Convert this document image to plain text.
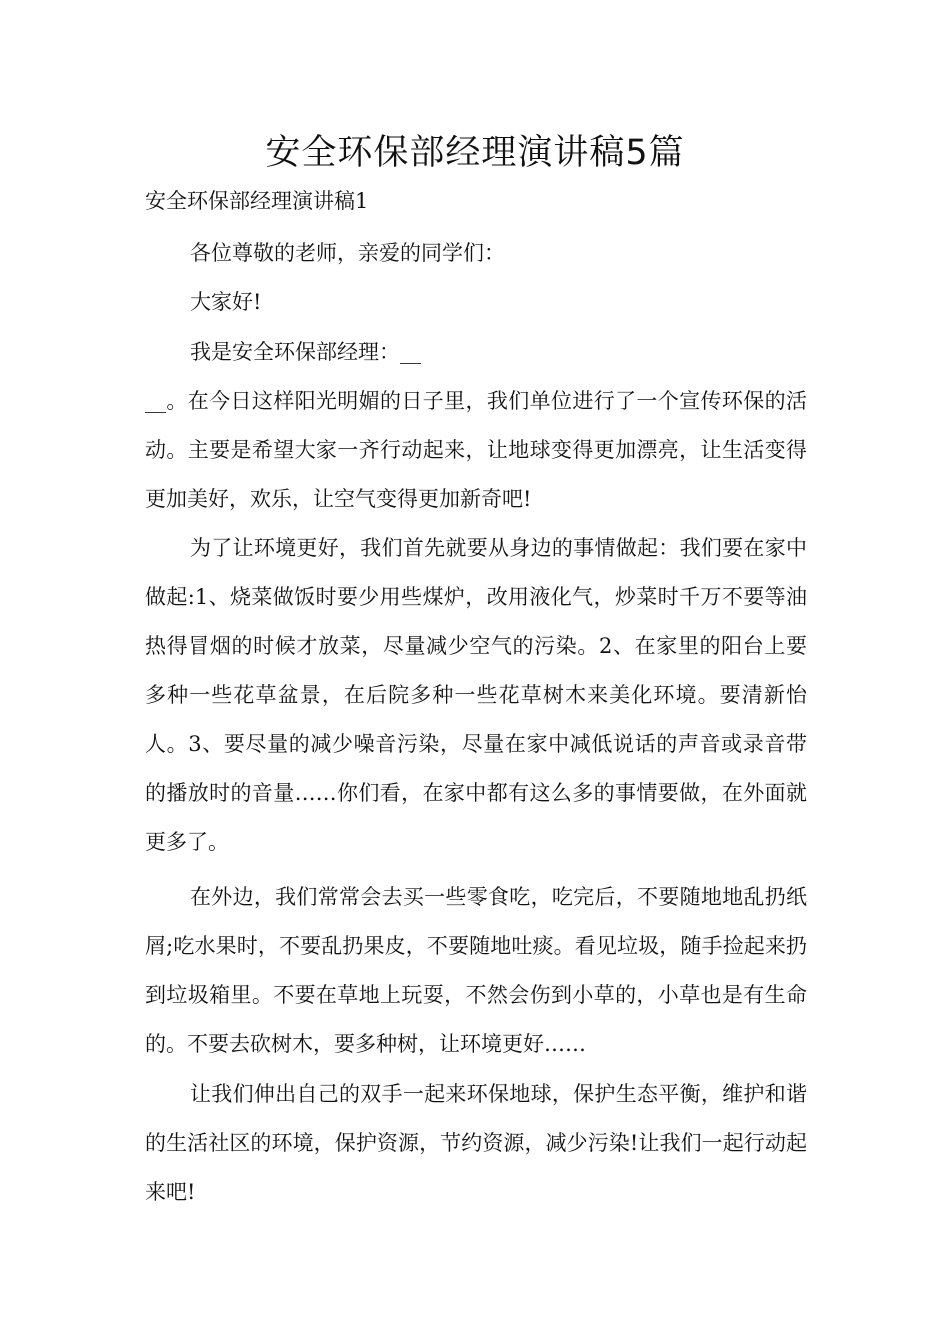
安全环保部经理演讲稿5篇
安全环保部经理演讲稿1
各位尊敬的老师，亲爱的同学们：
大家好!
我是安全环保部经理：__

__。在今日这样阳光明媚的日子里，我们单位进行了一个宣传环保的活动。主要是希望大家一齐行动起来，让地球变得更加漂亮，让生活变得更加美好，欢乐，让空气变得更加新奇吧!

为了让环境更好，我们首先就要从身边的事情做起：我们要在家中做起:1、烧菜做饭时要少用些煤炉，改用液化气，炒菜时千万不要等油热得冒烟的时候才放菜，尽量减少空气的污染。2、在家里的阳台上要多种一些花草盆景，在后院多种一些花草树木来美化环境。要清新怡人。3、要尽量的减少噪音污染，尽量在家中减低说话的声音或录音带的播放时的音量……你们看，在家中都有这么多的事情要做，在外面就更多了。

在外边，我们常常会去买一些零食吃，吃完后，不要随地地乱扔纸屑;吃水果时，不要乱扔果皮，不要随地吐痰。看见垃圾，随手捡起来扔到垃圾箱里。不要在草地上玩耍，不然会伤到小草的，小草也是有生命的。不要去砍树木，要多种树，让环境更好……

让我们伸出自己的双手一起来环保地球，保护生态平衡，维护和谐的生活社区的环境，保护资源，节约资源，减少污染!让我们一起行动起来吧!
